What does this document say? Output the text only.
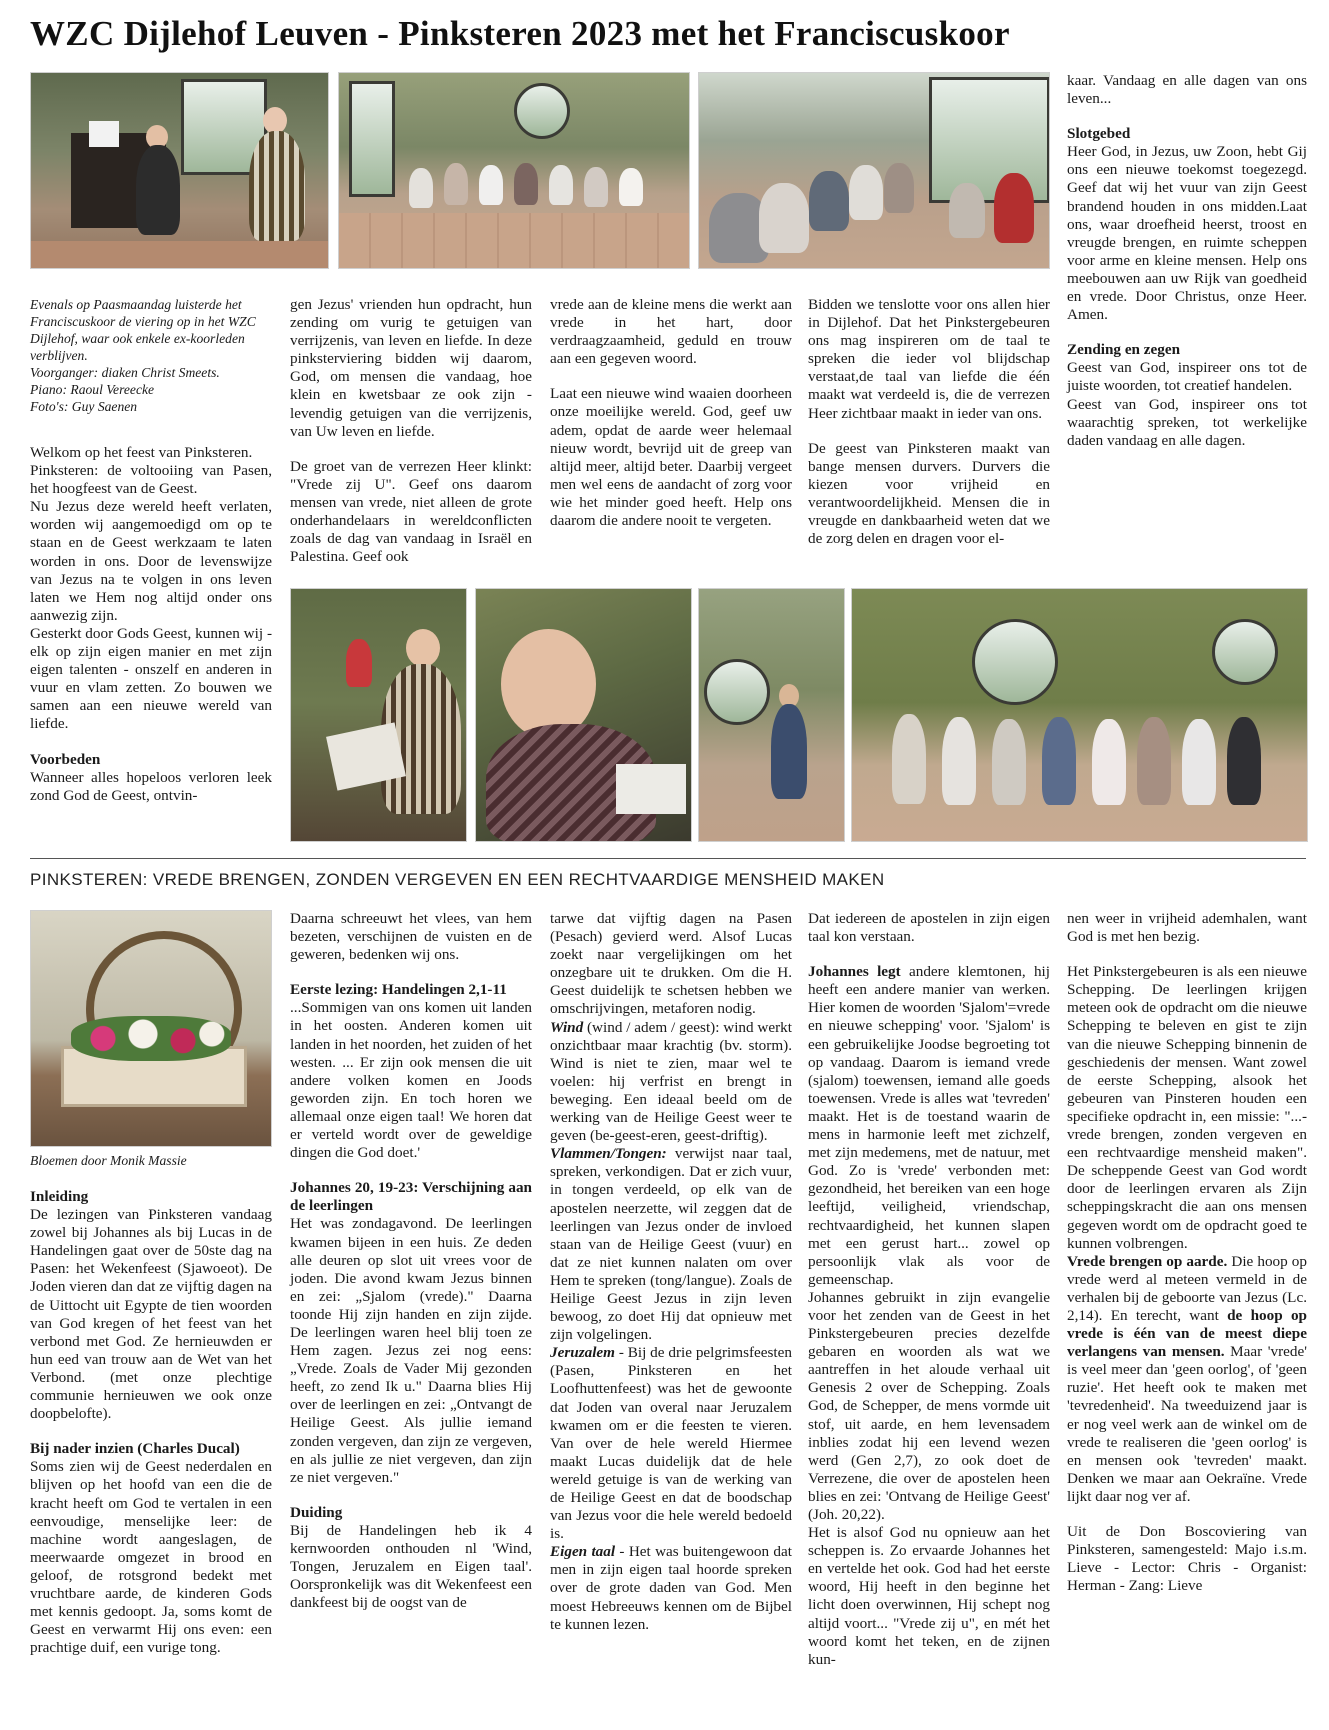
WZC Dijlehof Leuven - Pinksteren 2023 met het Franciscuskoor
Evenals op Paasmaandag luisterde het Franciscuskoor de viering op in het WZC Dijlehof, waar ook enkele ex-koorleden verblijven.
Voorganger: diaken Christ Smeets.
Piano: Raoul Vereecke
Foto's: Guy Saenen

Welkom op het feest van Pinksteren.

Pinksteren: de voltooiing van Pasen, het hoogfeest van de Geest.

Nu Jezus deze wereld heeft verlaten, worden wij aangemoedigd om op te staan en de Geest werkzaam te laten worden in ons. Door de levenswijze van Jezus na te volgen in ons leven laten we Hem nog altijd onder ons aanwezig zijn.

Gesterkt door Gods Geest, kunnen wij - elk op zijn eigen manier en met zijn eigen talenten - onszelf en anderen in vuur en vlam zetten. Zo bouwen we samen aan een nieuwe wereld van liefde.

Voorbeden

Wanneer alles hopeloos verloren leek zond God de Geest, ontvin-

gen Jezus' vrienden hun opdracht, hun zending om vurig te getuigen van verrijzenis, van leven en liefde. In deze pinksterviering bidden wij daarom, God, om mensen die vandaag, hoe klein en kwetsbaar ze ook zijn - levendig getuigen van die verrijzenis, van Uw leven en liefde.

De groet van de verrezen Heer klinkt: "Vrede zij U". Geef ons daarom mensen van vrede, niet alleen de grote onderhandelaars in wereldconflicten zoals de dag van vandaag in Israël en Palestina. Geef ook

vrede aan de kleine mens die werkt aan vrede in het hart, door verdraagzaamheid, geduld en trouw aan een gegeven woord.

Laat een nieuwe wind waaien doorheen onze moeilijke wereld. God, geef uw adem, opdat de aarde weer helemaal nieuw wordt, bevrijd uit de greep van altijd meer, altijd beter. Daarbij vergeet men wel eens de aandacht of zorg voor wie het minder goed heeft. Help ons daarom die andere nooit te vergeten.

Bidden we tenslotte voor ons allen hier in Dijlehof. Dat het Pinkstergebeuren ons mag inspireren om de taal te spreken die ieder vol blijdschap verstaat,de taal van liefde die één maakt wat verdeeld is, die de verrezen Heer zichtbaar maakt in ieder van ons.

De geest van Pinksteren maakt van bange mensen durvers. Durvers die kiezen voor vrijheid en verantwoordelijkheid. Mensen die in vreugde en dankbaarheid weten dat we de zorg delen en dragen voor el-

kaar. Vandaag en alle dagen van ons leven...

Slotgebed

Heer God, in Jezus, uw Zoon, hebt Gij ons een nieuwe toekomst toegezegd. Geef dat wij het vuur van zijn Geest brandend houden in ons midden.Laat ons, waar droefheid heerst, troost en vreugde brengen, en ruimte scheppen voor arme en kleine mensen. Help ons meebouwen aan uw Rijk van goedheid en vrede. Door Christus, onze Heer. Amen.

Zending en zegen

Geest van God, inspireer ons tot de juiste woorden, tot creatief handelen.

Geest van God, inspireer ons tot waarachtig spreken, tot werkelijke daden vandaag en alle dagen.

PINKSTEREN: VREDE BRENGEN, ZONDEN VERGEVEN EN EEN RECHTVAARDIGE MENSHEID MAKEN
Bloemen door Monik Massie
Inleiding

De lezingen van Pinksteren vandaag zowel bij Johannes als bij Lucas in de Handelingen gaat over de 50ste dag na Pasen: het Wekenfeest (Sjawoeot). De Joden vieren dan dat ze vijftig dagen na de Uittocht uit Egypte de tien woorden van God kregen of het feest van het verbond met God. Ze hernieuwden er hun eed van trouw aan de Wet van het Verbond. (met onze plechtige communie hernieuwen we ook onze doopbelofte).

Bij nader inzien (Charles Ducal)

Soms zien wij de Geest nederdalen en blijven op het hoofd van een die de kracht heeft om God te vertalen in een eenvoudige, menselijke leer: de machine wordt aangeslagen, de meerwaarde omgezet in brood en geloof, de rotsgrond bedekt met vruchtbare aarde, de kinderen Gods met kennis gedoopt. Ja, soms komt de Geest en verwarmt Hij ons even: een prachtige duif, een vurige tong.

Daarna schreeuwt het vlees, van hem bezeten, verschijnen de vuisten en de geweren, bedenken wij ons.

Eerste lezing: Handelingen 2,1-11

...Sommigen van ons komen uit landen in het oosten. Anderen komen uit landen in het noorden, het zuiden of het westen. ... Er zijn ook mensen die uit andere volken komen en Joods geworden zijn. En toch horen we allemaal onze eigen taal! We horen dat er verteld wordt over de geweldige dingen die God doet.'

Johannes 20, 19-23: Verschijning aan de leerlingen

Het was zondagavond. De leerlingen kwamen bijeen in een huis. Ze deden alle deuren op slot uit vrees voor de joden. Die avond kwam Jezus binnen en zei: „Sjalom (vrede)." Daarna toonde Hij zijn handen en zijn zijde. De leerlingen waren heel blij toen ze Hem zagen. Jezus zei nog eens: „Vrede. Zoals de Vader Mij gezonden heeft, zo zend Ik u." Daarna blies Hij over de leerlingen en zei: „Ontvangt de Heilige Geest. Als jullie iemand zonden vergeven, dan zijn ze vergeven, en als jullie ze niet vergeven, dan zijn ze niet vergeven."

Duiding

Bij de Handelingen heb ik 4 kernwoorden onthouden nl 'Wind, Tongen, Jeruzalem en Eigen taal'. Oorspronkelijk was dit Wekenfeest een dankfeest bij de oogst van de

tarwe dat vijftig dagen na Pasen (Pesach) gevierd werd. Alsof Lucas zoekt naar vergelijkingen om het onzegbare uit te drukken. Om die H. Geest duidelijk te schetsen hebben we omschrijvingen, metaforen nodig.

Wind (wind / adem / geest): wind werkt onzichtbaar maar krachtig (bv. storm). Wind is niet te zien, maar wel te voelen: hij verfrist en brengt in beweging. Een ideaal beeld om de werking van de Heilige Geest weer te geven (be-geest-eren, geest-driftig).

Vlammen/Tongen: verwijst naar taal, spreken, verkondigen. Dat er zich vuur, in tongen verdeeld, op elk van de apostelen neerzette, wil zeggen dat de leerlingen van Jezus onder de invloed staan van de Heilige Geest (vuur) en dat ze niet kunnen nalaten om over Hem te spreken (tong/langue). Zoals de Heilige Geest Jezus in zijn leven bewoog, zo doet Hij dat opnieuw met zijn volgelingen.

Jeruzalem - Bij de drie pelgrimsfeesten (Pasen, Pinksteren en het Loofhuttenfeest) was het de gewoonte dat Joden van overal naar Jeruzalem kwamen om er die feesten te vieren. Van over de hele wereld Hiermee maakt Lucas duidelijk dat de hele wereld getuige is van de werking van de Heilige Geest en dat de boodschap van Jezus voor die hele wereld bedoeld is.

Eigen taal - Het was buitengewoon dat men in zijn eigen taal hoorde spreken over de grote daden van God. Men moest Hebreeuws kennen om de Bijbel te kunnen lezen.

Dat iedereen de apostelen in zijn eigen taal kon verstaan.

Johannes legt andere klemtonen, hij heeft een andere manier van werken. Hier komen de woorden 'Sjalom'=vrede en nieuwe schepping' voor. 'Sjalom' is een gebruikelijke Joodse begroeting tot op vandaag. Daarom is iemand vrede (sjalom) toewensen, iemand alle goeds toewensen. Vrede is alles wat 'tevreden' maakt. Het is de toestand waarin de mens in harmonie leeft met zichzelf, met zijn medemens, met de natuur, met God. Zo is 'vrede' verbonden met: gezondheid, het bereiken van een hoge leeftijd, veiligheid, vriendschap, rechtvaardigheid, het kunnen slapen met een gerust hart... zowel op persoonlijk vlak als voor de gemeenschap.

Johannes gebruikt in zijn evangelie voor het zenden van de Geest in het Pinkstergebeuren precies dezelfde gebaren en woorden als wat we aantreffen in het aloude verhaal uit Genesis 2 over de Schepping. Zoals God, de Schepper, de mens vormde uit stof, uit aarde, en hem levensadem inblies zodat hij een levend wezen werd (Gen 2,7), zo ook doet de Verrezene, die over de apostelen heen blies en zei: 'Ontvang de Heilige Geest' (Joh. 20,22).

Het is alsof God nu opnieuw aan het scheppen is. Zo ervaarde Johannes het en vertelde het ook. God had het eerste woord, Hij heeft in den beginne het licht doen overwinnen, Hij schept nog altijd voort... "Vrede zij u", en mét het woord komt het teken, en de zijnen kun-

nen weer in vrijheid ademhalen, want God is met hen bezig.

Het Pinkstergebeuren is als een nieuwe Schepping. De leerlingen krijgen meteen ook de opdracht om die nieuwe Schepping te beleven en gist te zijn van die nieuwe Schepping binnenin de geschiedenis der mensen. Want zowel de eerste Schepping, alsook het gebeuren van Pinsteren houden een specifieke opdracht in, een missie: "...- vrede brengen, zonden vergeven en een rechtvaardige mensheid maken". De scheppende Geest van God wordt door de leerlingen ervaren als Zijn scheppingskracht die aan ons mensen gegeven wordt om de opdracht goed te kunnen volbrengen.

Vrede brengen op aarde. Die hoop op vrede werd al meteen vermeld in de verhalen bij de geboorte van Jezus (Lc. 2,14). En terecht, want de hoop op vrede is één van de meest diepe verlangens van mensen. Maar 'vrede' is veel meer dan 'geen oorlog', of 'geen ruzie'. Het heeft ook te maken met 'tevredenheid'. Na tweeduizend jaar is er nog veel werk aan de winkel om de vrede te realiseren die 'geen oorlog' is en mensen ook 'tevreden' maakt. Denken we maar aan Oekraïne. Vrede lijkt daar nog ver af.

Uit de Don Boscoviering van Pinksteren, samengesteld: Majo i.s.m. Lieve - Lector: Chris - Organist: Herman - Zang: Lieve
